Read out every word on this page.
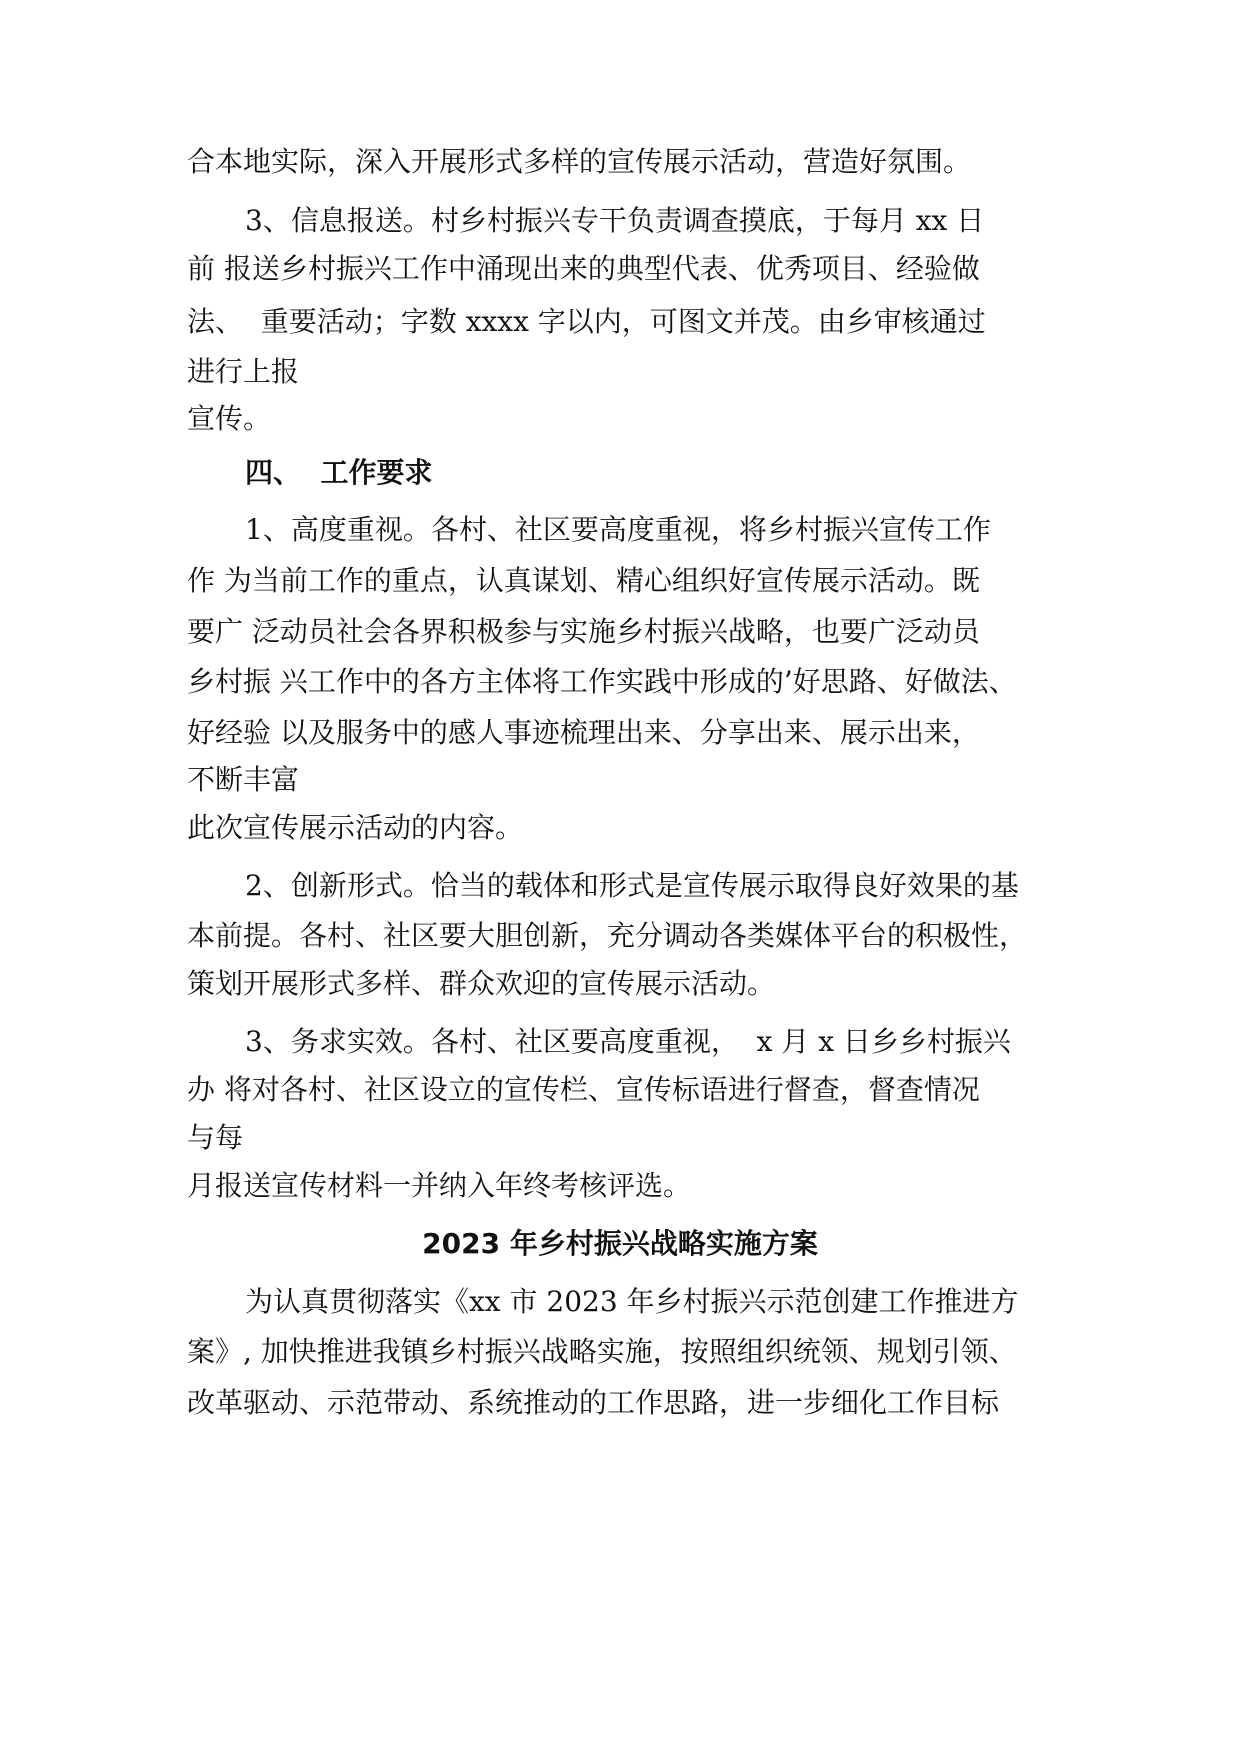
合本地实际，深入开展形式多样的宣传展示活动，营造好氛围。
3、信息报送。村乡村振兴专干负责调查摸底，于每月 xx 日
前 报送乡村振兴工作中涌现出来的典型代表、优秀项目、经验做
法、  重要活动；字数 xxxx 字以内，可图文并茂。由乡审核通过
进行上报
宣传。
四、  工作要求
1、高度重视。各村、社区要高度重视，将乡村振兴宣传工作
作 为当前工作的重点，认真谋划、精心组织好宣传展示活动。既
要广 泛动员社会各界积极参与实施乡村振兴战略，也要广泛动员
乡村振 兴工作中的各方主体将工作实践中形成的’好思路、好做法、
好经验 以及服务中的感人事迹梳理出来、分享出来、展示出来，
不断丰富
此次宣传展示活动的内容。
2、创新形式。恰当的载体和形式是宣传展示取得良好效果的基
本前提。各村、社区要大胆创新，充分调动各类媒体平台的积极性，
策划开展形式多样、群众欢迎的宣传展示活动。
3、务求实效。各村、社区要高度重视，  x 月 x 日乡乡村振兴
办 将对各村、社区设立的宣传栏、宣传标语进行督查，督查情况
与每
月报送宣传材料一并纳入年终考核评选。
2023 年乡村振兴战略实施方案
为认真贯彻落实《xx 市 2023 年乡村振兴示范创建工作推进方
案》, 加快推进我镇乡村振兴战略实施，按照组织统领、规划引领、
改革驱动、示范带动、系统推动的工作思路，进一步细化工作目标
